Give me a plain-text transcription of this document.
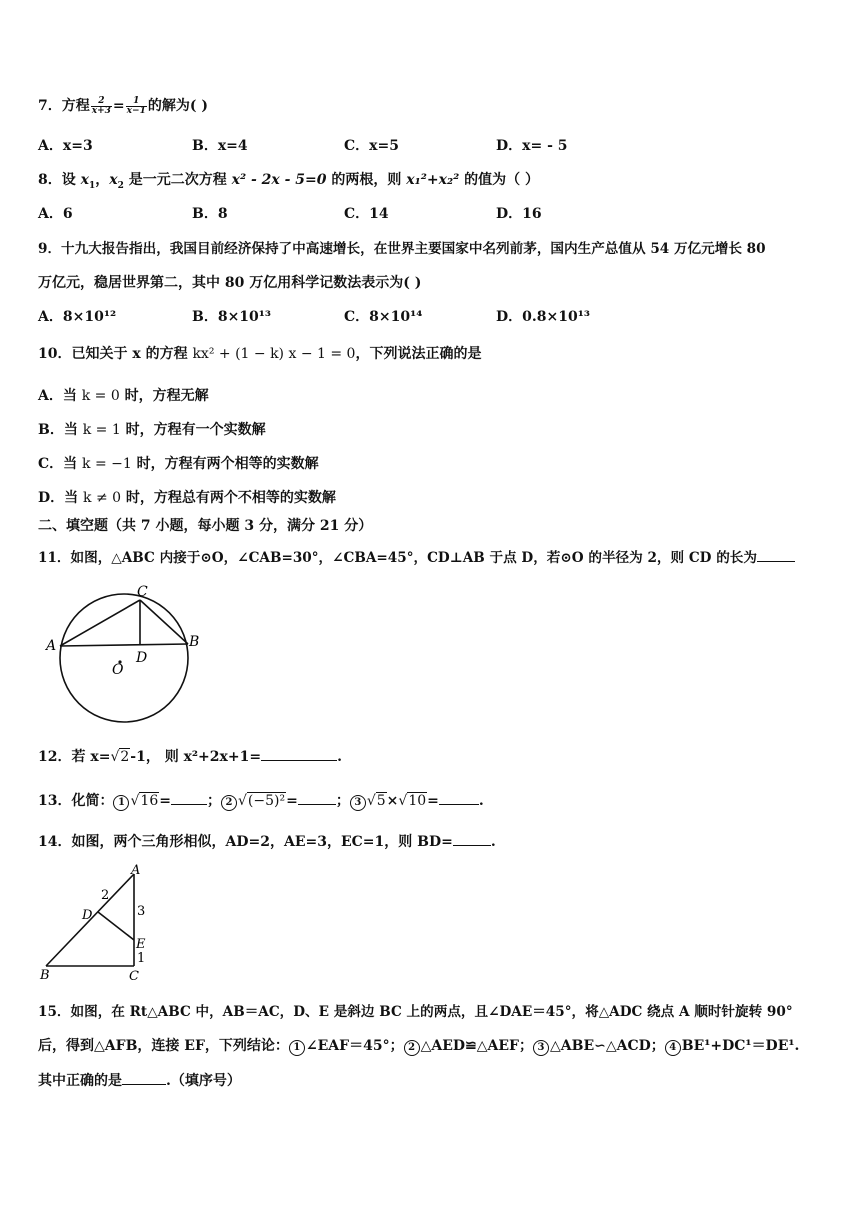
7．方程 $\frac{2}{x+3} = \frac{1}{x-1}$ 的解为( )
A．x=3	B．x=4	C．x=5	D．x= - 5
8．设 $x_1$，$x_2$ 是一元二次方程 x² - 2x - 5=0 的两根，则 x₁²+x₂² 的值为（ ）
A．6	B．8	C．14	D．16
9．十九大报告指出，我国目前经济保持了中高速增长，在世界主要国家中名列前茅，国内生产总值从 54 万亿元增长 80
万亿元，稳居世界第二，其中 80 万亿用科学记数法表示为( )
A．8×10¹²	B．8×10¹³	C．8×10¹⁴	D．0.8×10¹³
10．已知关于 x 的方程 kx² + (1 − k) x − 1 = 0，下列说法正确的是
A．当 k = 0 时，方程无解
B．当 k = 1 时，方程有一个实数解
C．当 k = −1 时，方程有两个相等的实数解
D．当 k ≠ 0 时，方程总有两个不相等的实数解
二、填空题（共 7 小题，每小题 3 分，满分 21 分）
11．如图，△ABC 内接于⊙O，∠CAB=30°，∠CBA=45°，CD⊥AB 于点 D，若⊙O 的半径为 2，则 CD 的长为
A	B
C
D
O
12．若 x=√2-1， 则 x²+2x+1=	.
13．化简： 1 √16=	； 2 √(−5)²=	； 3 √5×√10=	.
14．如图，两个三角形相似，AD=2，AE=3，EC=1，则 BD=	.
A
B	C
D
E
2
3
1
15．如图，在 Rt△ABC 中，AB＝AC，D、E 是斜边 BC 上的两点，且∠DAE＝45°，将△ADC 绕点 A 顺时针旋转 90°
后，得到△AFB，连接 EF，下列结论： 1 ∠EAF＝45°； 2 △AED≌△AEF； 3 △ABE∽△ACD； 4 BE¹+DC¹＝DE¹.
其中正确的是	.（填序号）
